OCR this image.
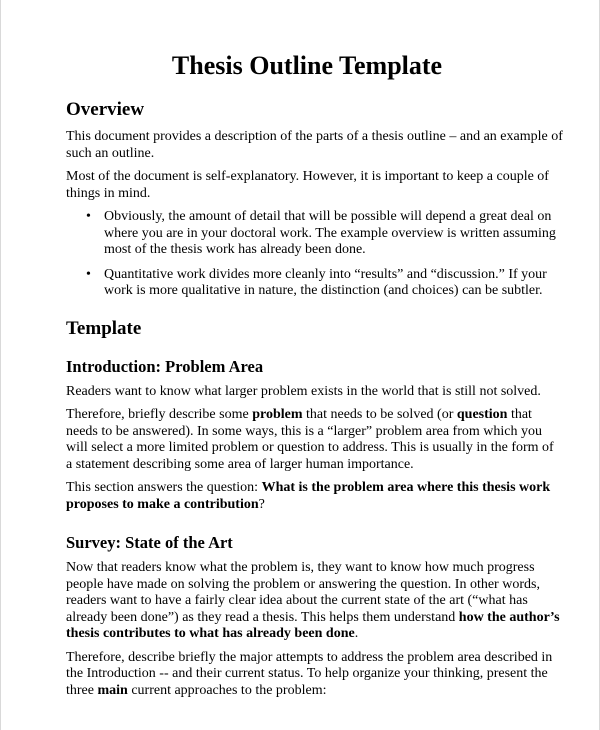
Thesis Outline Template
Overview

This document provides a description of the parts of a thesis outline – and an example of such an outline.

Most of the document is self-explanatory. However, it is important to keep a couple of things in mind.

• Obviously, the amount of detail that will be possible will depend a great deal on where you are in your doctoral work. The example overview is written assuming most of the thesis work has already been done.
• Quantitative work divides more cleanly into “results” and “discussion.” If your work is more qualitative in nature, the distinction (and choices) can be subtler.
Template
Introduction: Problem Area

Readers want to know what larger problem exists in the world that is still not solved.

Therefore, briefly describe some problem that needs to be solved (or question that needs to be answered). In some ways, this is a “larger” problem area from which you will select a more limited problem or question to address. This is usually in the form of a statement describing some area of larger human importance.

This section answers the question: What is the problem area where this thesis work proposes to make a contribution?

Survey: State of the Art

Now that readers know what the problem is, they want to know how much progress people have made on solving the problem or answering the question. In other words, readers want to have a fairly clear idea about the current state of the art (“what has already been done”) as they read a thesis. This helps them understand how the author’s thesis contributes to what has already been done.

Therefore, describe briefly the major attempts to address the problem area described in the Introduction -- and their current status. To help organize your thinking, present the three main current approaches to the problem:
